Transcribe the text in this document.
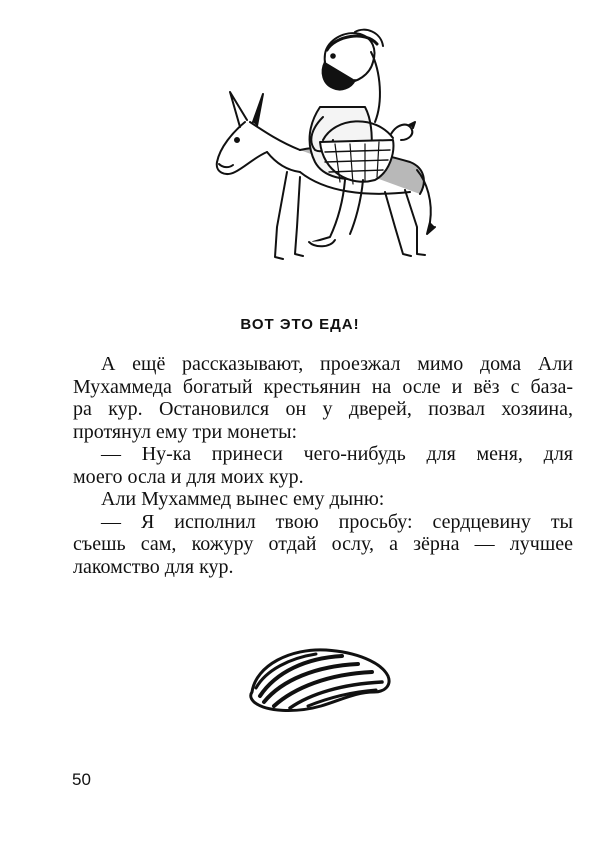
ВОТ ЭТО ЕДА!
А ещё рассказывают, проезжал мимо дома Али
Мухаммеда богатый крестьянин на осле и вёз с база-
ра кур. Остановился он у дверей, позвал хозяина,
протянул ему три монеты:
— Ну-ка принеси чего-нибудь для меня, для
моего осла и для моих кур.
Али Мухаммед вынес ему дыню:
— Я исполнил твою просьбу: сердцевину ты
съешь сам, кожуру отдай ослу, а зёрна — лучшее
лакомство для кур.
50
